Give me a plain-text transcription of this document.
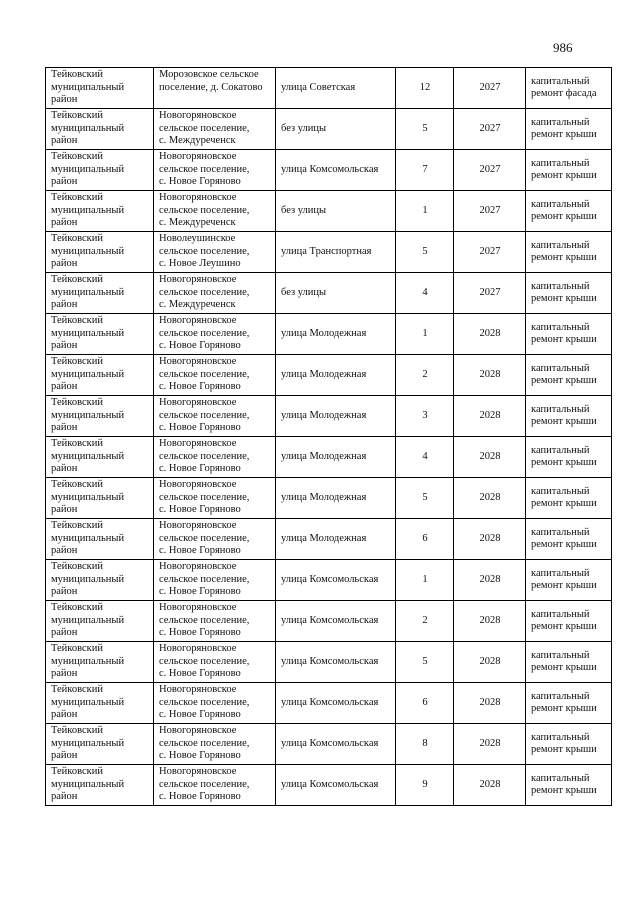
986
Тейковский
муниципальный
район	Морозовское сельское
поселение, д. Сокатово	улица Советская	12	2027	капитальный
ремонт фасада

Тейковский
муниципальный
район	Новогоряновское
сельское поселение,
с. Междуреченск	без улицы	5	2027	капитальный
ремонт крыши

Тейковский
муниципальный
район	Новогоряновское
сельское поселение,
с. Новое Горяново	улица Комсомольская	7	2027	капитальный
ремонт крыши

Тейковский
муниципальный
район	Новогоряновское
сельское поселение,
с. Междуреченск	без улицы	1	2027	капитальный
ремонт крыши

Тейковский
муниципальный
район	Новолеушинское
сельское поселение,
с. Новое Леушино	улица Транспортная	5	2027	капитальный
ремонт крыши

Тейковский
муниципальный
район	Новогоряновское
сельское поселение,
с. Междуреченск	без улицы	4	2027	капитальный
ремонт крыши

Тейковский
муниципальный
район	Новогоряновское
сельское поселение,
с. Новое Горяново	улица Молодежная	1	2028	капитальный
ремонт крыши

Тейковский
муниципальный
район	Новогоряновское
сельское поселение,
с. Новое Горяново	улица Молодежная	2	2028	капитальный
ремонт крыши

Тейковский
муниципальный
район	Новогоряновское
сельское поселение,
с. Новое Горяново	улица Молодежная	3	2028	капитальный
ремонт крыши

Тейковский
муниципальный
район	Новогоряновское
сельское поселение,
с. Новое Горяново	улица Молодежная	4	2028	капитальный
ремонт крыши

Тейковский
муниципальный
район	Новогоряновское
сельское поселение,
с. Новое Горяново	улица Молодежная	5	2028	капитальный
ремонт крыши

Тейковский
муниципальный
район	Новогоряновское
сельское поселение,
с. Новое Горяново	улица Молодежная	6	2028	капитальный
ремонт крыши

Тейковский
муниципальный
район	Новогоряновское
сельское поселение,
с. Новое Горяново	улица Комсомольская	1	2028	капитальный
ремонт крыши

Тейковский
муниципальный
район	Новогоряновское
сельское поселение,
с. Новое Горяново	улица Комсомольская	2	2028	капитальный
ремонт крыши

Тейковский
муниципальный
район	Новогоряновское
сельское поселение,
с. Новое Горяново	улица Комсомольская	5	2028	капитальный
ремонт крыши

Тейковский
муниципальный
район	Новогоряновское
сельское поселение,
с. Новое Горяново	улица Комсомольская	6	2028	капитальный
ремонт крыши

Тейковский
муниципальный
район	Новогоряновское
сельское поселение,
с. Новое Горяново	улица Комсомольская	8	2028	капитальный
ремонт крыши

Тейковский
муниципальный
район	Новогоряновское
сельское поселение,
с. Новое Горяново	улица Комсомольская	9	2028	капитальный
ремонт крыши
